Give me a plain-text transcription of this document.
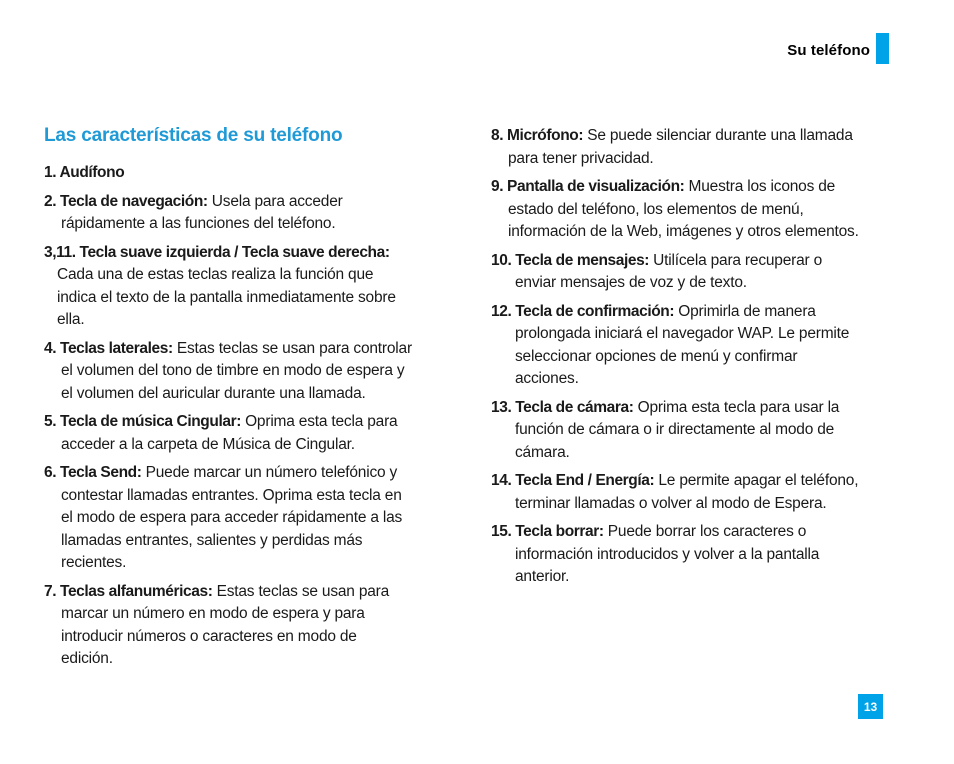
Su teléfono
Las características de su teléfono
1. Audífono
2. Tecla de navegación: Usela para acceder
rápidamente a las funciones del teléfono.
3,11. Tecla suave izquierda / Tecla suave derecha:
Cada una de estas teclas realiza la función que
indica el texto de la pantalla inmediatamente sobre
ella.
4. Teclas laterales: Estas teclas se usan para controlar
el volumen del tono de timbre en modo de espera y
el volumen del auricular durante una llamada.
5. Tecla de música Cingular: Oprima esta tecla para
acceder a la carpeta de Música de Cingular.
6. Tecla Send: Puede marcar un número telefónico y
contestar llamadas entrantes. Oprima esta tecla en
el modo de espera para acceder rápidamente a las
llamadas entrantes, salientes y perdidas más
recientes.
7. Teclas alfanuméricas: Estas teclas se usan para
marcar un número en modo de espera y para
introducir números o caracteres en modo de
edición.
8. Micrófono: Se puede silenciar durante una llamada
para tener privacidad.
9. Pantalla de visualización: Muestra los iconos de
estado del teléfono, los elementos de menú,
información de la Web, imágenes y otros elementos.
10. Tecla de mensajes: Utilícela para recuperar o
enviar mensajes de voz y de texto.
12. Tecla de confirmación: Oprimirla de manera
prolongada iniciará el navegador WAP. Le permite
seleccionar opciones de menú y confirmar
acciones.
13. Tecla de cámara: Oprima esta tecla para usar la
función de cámara o ir directamente al modo de
cámara.
14. Tecla End / Energía: Le permite apagar el teléfono,
terminar llamadas o volver al modo de Espera.
15. Tecla borrar: Puede borrar los caracteres o
información introducidos y volver a la pantalla
anterior.
13
